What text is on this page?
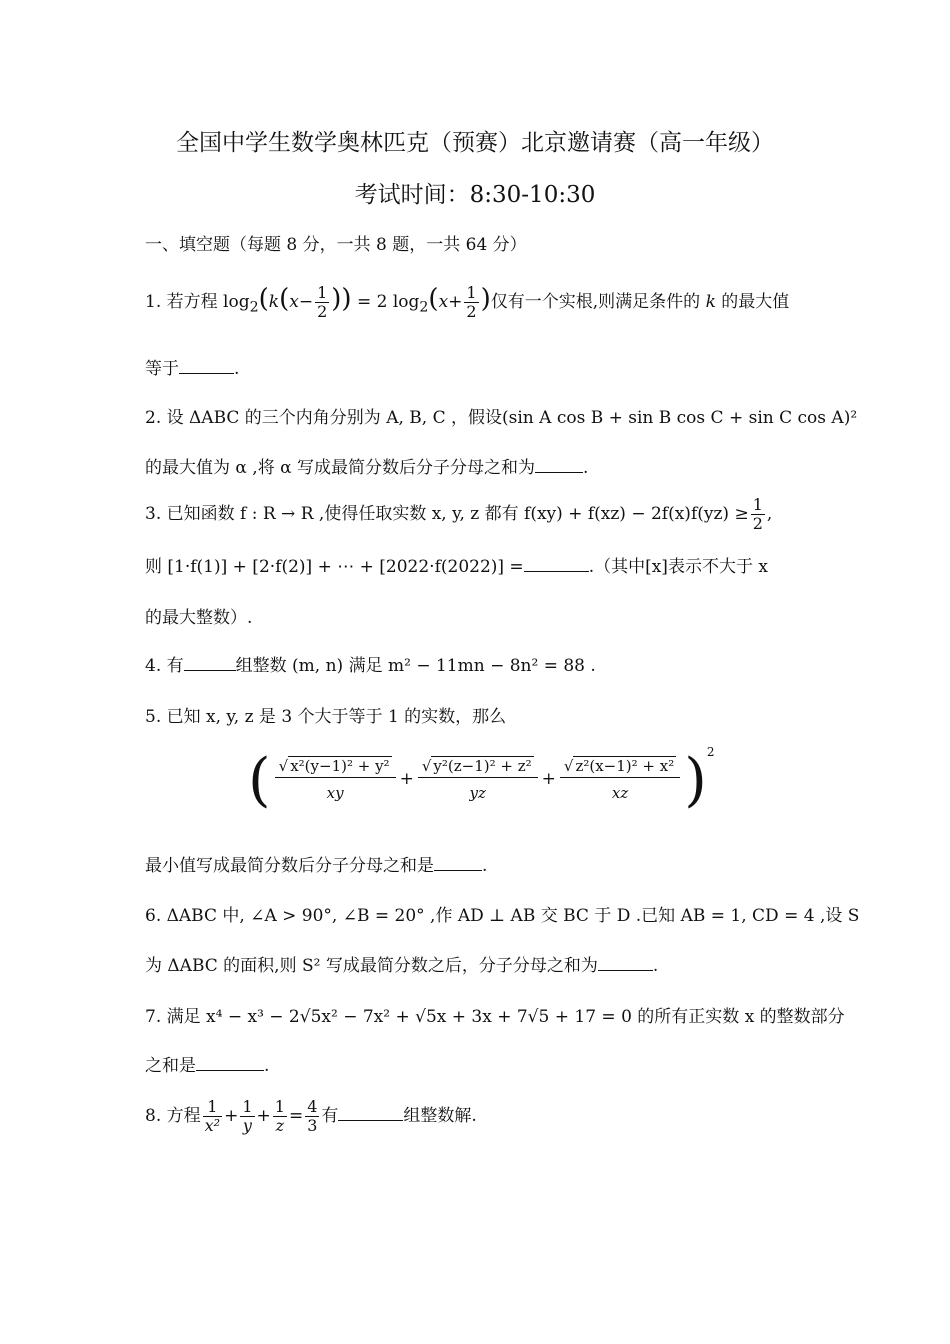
全国中学生数学奥林匹克（预赛）北京邀请赛（高一年级）
考试时间：8:30-10:30
一、填空题（每题 8 分，一共 8 题，一共 64 分）
1. 若方程 $\log_2(k(x- \frac{1}{2}$ )) = 2 $\log_2(x+ \frac{1}{2}$ )仅有一个实根,则满足条件的 k 的最大值
等于	.
2. 设 ΔABC 的三个内角分别为 A, B, C ，假设(sin A cos B + sin B cos C + sin C cos A)²
的最大值为 α ,将 α 写成最简分数后分子分母之和为	.
3. 已知函数 f : R → R ,使得任取实数 x, y, z 都有 $f(xy) + f(xz) - 2f(x)f(yz) \ge \frac{1}{2}$ ,
则 [1·f(1)] + [2·f(2)] + ⋯ + [2022·f(2022)] =	.（其中[x]表示不大于 x
的最大整数）.
4. 有	组整数 (m, n) 满足 m² − 11mn − 8n² = 88 .
5. 已知 x, y, z 是 3 个大于等于 1 的实数，那么
( $\frac{\text{√ x²(y−1)² + y²}}{xy} + \frac{\text{√ y²(z−1)² + z²}}{yz} + \frac{\text{√ z²(x−1)² + x²}}{xz} )^2$
最小值写成最简分数后分子分母之和是	.
6. ΔABC 中, ∠A > 90°, ∠B = 20° ,作 AD ⊥ AB 交 BC 于 D .已知 AB = 1, CD = 4 ,设 S
为 ΔABC 的面积,则 S² 写成最简分数之后，分子分母之和为	.
7. 满足 x⁴ − x³ − 2√5x² − 7x² + √5x + 3x + 7√5 + 17 = 0 的所有正实数 x 的整数部分
之和是	.
8. 方程 $\frac{1}{\text{x²}} + \frac{1}{y} + \frac{1}{z} = \frac{4}{3}$ 有	组整数解.
